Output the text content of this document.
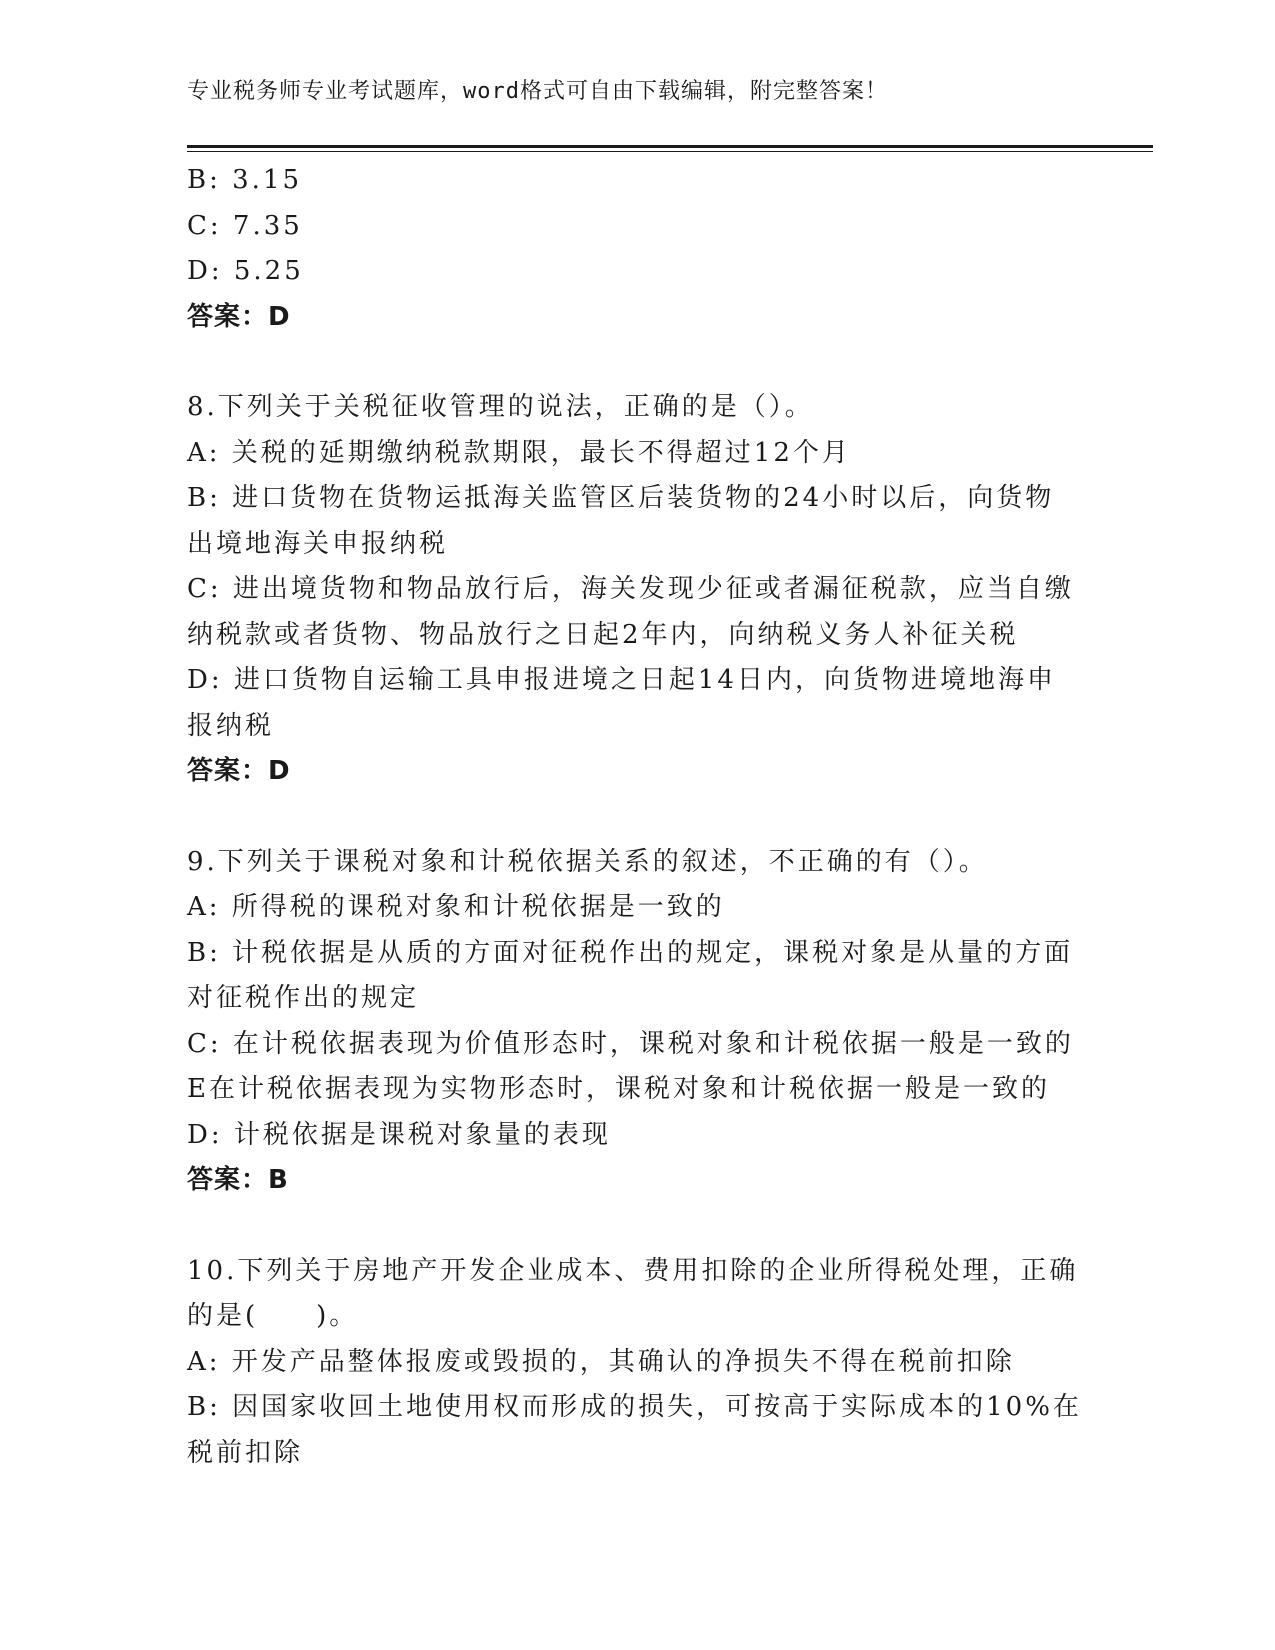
专业税务师专业考试题库，word格式可自由下载编辑，附完整答案！
B: 3.15
C: 7.35
D: 5.25
答案：D
8.下列关于关税征收管理的说法，正确的是（）。
A: 关税的延期缴纳税款期限，最长不得超过12个月
B: 进口货物在货物运抵海关监管区后装货物的24小时以后，向货物
出境地海关申报纳税
C: 进出境货物和物品放行后，海关发现少征或者漏征税款，应当自缴
纳税款或者货物、物品放行之日起2年内，向纳税义务人补征关税
D: 进口货物自运输工具申报进境之日起14日内，向货物进境地海申
报纳税
答案：D
9.下列关于课税对象和计税依据关系的叙述，不正确的有（）。
A: 所得税的课税对象和计税依据是一致的
B: 计税依据是从质的方面对征税作出的规定，课税对象是从量的方面
对征税作出的规定
C: 在计税依据表现为价值形态时，课税对象和计税依据一般是一致的
E在计税依据表现为实物形态时，课税对象和计税依据一般是一致的
D: 计税依据是课税对象量的表现
答案：B
10.下列关于房地产开发企业成本、费用扣除的企业所得税处理，正确
的是(　　)。
A: 开发产品整体报废或毁损的，其确认的净损失不得在税前扣除
B: 因国家收回土地使用权而形成的损失，可按高于实际成本的10%在
税前扣除
